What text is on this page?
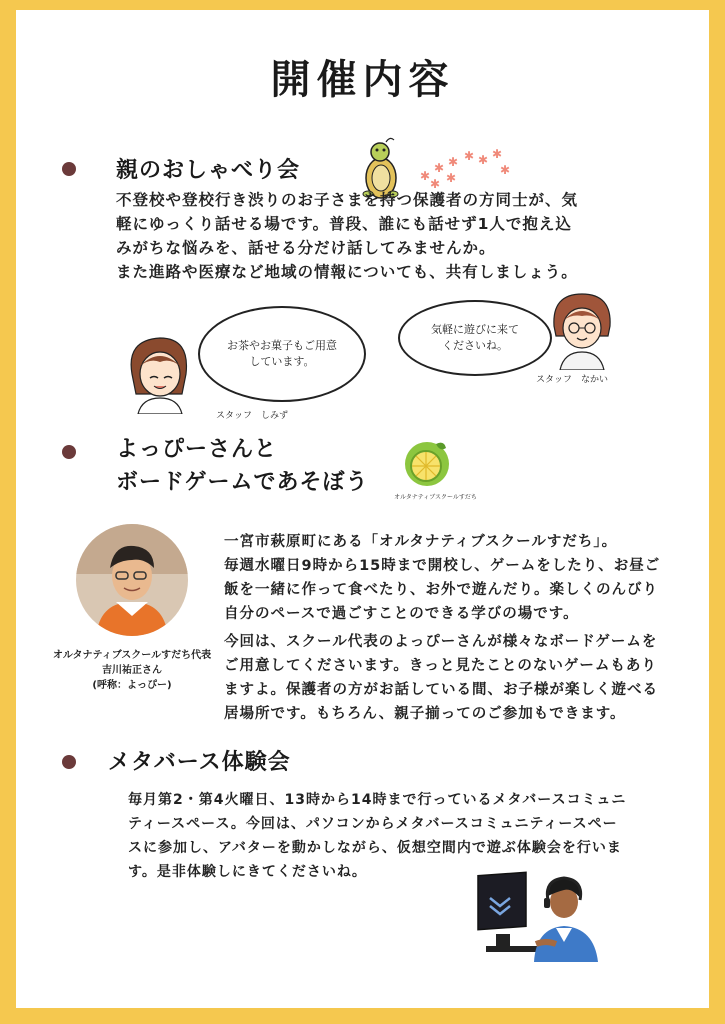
開催内容
親のおしゃべり会	✱
✱ ✱ ✱ ✱ ✱
✱ ✱
✱
不登校や登校行き渋りのお子さまを持つ保護者の方同士が、気
軽にゆっくり話せる場です。普段、誰にも話せず1人で抱え込
みがちな悩みを、話せる分だけ話してみませんか。
また進路や医療など地域の情報についても、共有しましょう。
お茶やお菓子もご用意
しています。
スタッフ　しみず
気軽に遊びに来て
くださいね。
スタッフ　なかい
よっぴーさんと
ボードゲームであそぼう
オルタナティブスクールすだち
オルタナティブスクールすだち代表
吉川祐正さん
(呼称：よっぴー)
一宮市萩原町にある「オルタナティブスクールすだち」。
毎週水曜日9時から15時まで開校し、ゲームをしたり、お昼ご
飯を一緒に作って食べたり、お外で遊んだり。楽しくのんびり
自分のペースで過ごすことのできる学びの場です。
今回は、スクール代表のよっぴーさんが様々なボードゲームを
ご用意してくださいます。きっと見たことのないゲームもあり
ますよ。保護者の方がお話している間、お子様が楽しく遊べる
居場所です。もちろん、親子揃ってのご参加もできます。
メタバース体験会
毎月第2・第4火曜日、13時から14時まで行っているメタバースコミュニ
ティースペース。今回は、パソコンからメタバースコミュニティースペー
スに参加し、アバターを動かしながら、仮想空間内で遊ぶ体験会を行いま
す。是非体験しにきてくださいね。
